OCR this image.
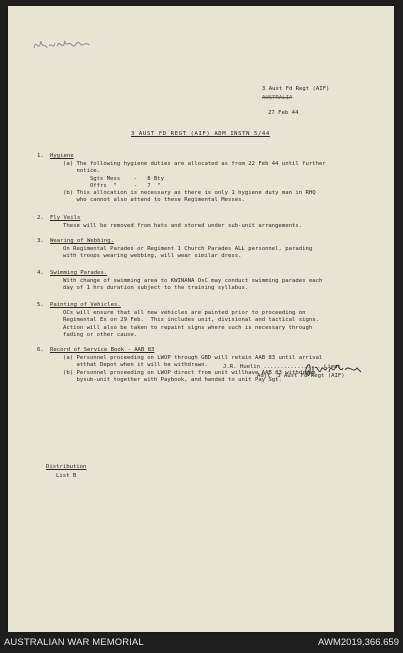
3 Aust Fd Regt (AIF)
AUSTRALIA
27 Feb 44
3 AUST FD REGT (AIF) ADM INSTN 5/44
1. Hygiene
(a) The following hygiene duties are allocated as from 22 Feb 44 until further
notice.
Sgts Mess    -   8 Bty
Offrs  "     -   7  "
(b) This allocation is necessary as there is only 1 hygiene duty man in RHQ
who cannot also attend to these Regimental Messes.
2. Fly Veils
These will be removed from hats and stored under sub-unit arrangements.
3. Wearing of Webbing.
On Regimental Parades or Regiment 1 Church Parades ALL personnel, parading
with troops wearing webbing, will wear similar dress.
4. Swimming Parades.
With change of swimming area to KWINANA OsC may conduct swimming parades each
day of 1 hrs duration subject to the training syllabus.
5. Painting of Vehicles.
OCs will ensure that all new vehicles are painted prior to proceeding on
Regimental Ex on 29 Feb.  This includes unit, divisional and tactical signs.
Action will also be taken to repaint signs where such is necessary through
fading or other cause.
6. Record of Service Book - AAB 83
(a) Personnel proceeding on LWOP through GBD will retain AAB 83 until arrival
atthat Depot when it will be withdrawn.
(b) Personnel proceeding on LWOP direct from unit willhave AAB 83 withdrawn
bysub-unit together with Paybook, and handed to unit Pay Sgt.
J.R. Huelin ..................Lieut
Adjt  3 Aust Fd Regt (AIF)
Distribution
List B
AUSTRALIAN WAR MEMORIAL	AWM2019.366.659
